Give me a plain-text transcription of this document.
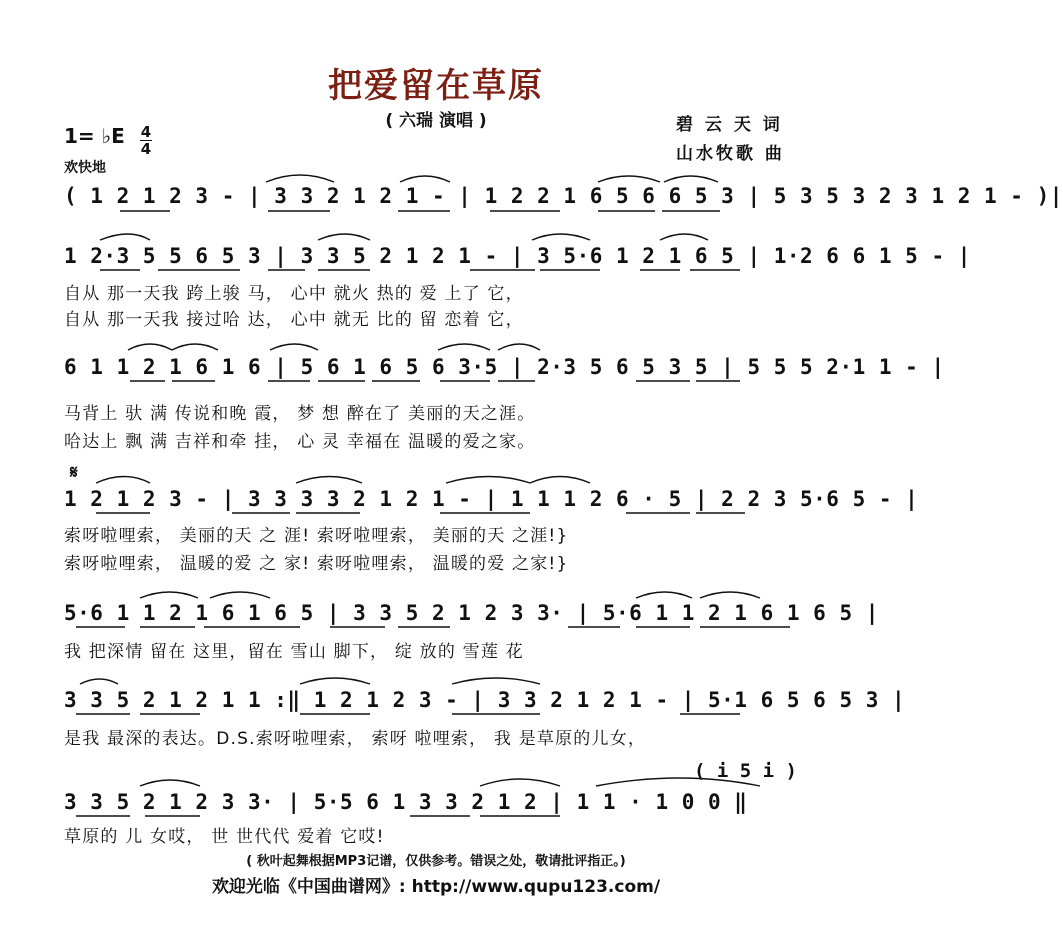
把爱留在草原
( 六瑞 演唱 )	碧 云 天 词
山水牧歌 曲
1= ♭E 4
4
欢快地
( 1 2 1 2 3 - | 3 3 2 1 2 1 - | 1 2 2 1 6 5 6 6 5 3 | 5 3 5 3 2 3 1 2 1 - )|
1 2·3 5 5 6 5 3 | 3 3 5 2 1 2 1 - | 3 5·6 1 2 1 6 5 | 1·2 6 6 1 5 - |
自从 那一天我 跨上骏 马， 心中 就火 热的 爱 上了 它，
自从 那一天我 接过哈 达， 心中 就无 比的 留 恋着 它，
6 1 1 2 1 6 1 6 | 5 6 1 6 5 6 3·5 | 2·3 5 6 5 3 5 | 5 5 5 2·1 1 - |
马背上 驮 满 传说和晚 霞， 梦 想 醉在了 美丽的天之涯。
哈达上 飘 满 吉祥和牵 挂， 心 灵 幸福在 温暖的爱之家。
𝄋
1 2 1 2 3 - | 3 3 3 3 2 1 2 1 - | 1 1 1 2 6 · 5 | 2 2 3 5·6 5 - |
索呀啦哩索， 美丽的天 之 涯! 索呀啦哩索， 美丽的天 之涯!}
索呀啦哩索， 温暖的爱 之 家! 索呀啦哩索， 温暖的爱 之家!}
5·6 1 1 2 1 6 1 6 5 | 3 3 5 2 1 2 3 3· | 5·6 1 1 2 1 6 1 6 5 |
我 把深情 留在 这里，留在 雪山 脚下， 绽 放的 雪莲 花
3 3 5 2 1 2 1 1 :‖ 1 2 1 2 3 - | 3 3 2 1 2 1 - | 5·1 6 5 6 5 3 |
是我 最深的表达。D.S.索呀啦哩索， 索呀 啦哩索， 我 是草原的儿女，
( i 5 i )
3 3 5 2 1 2 3 3· | 5·5 6 1 3 3 2 1 2 | 1 1 · 1 0 0 ‖
草原的 儿 女哎， 世 世代代 爱着 它哎!
( 秋叶起舞根据MP3记谱，仅供参考。错误之处，敬请批评指正。)
欢迎光临《中国曲谱网》: http://www.qupu123.com/
